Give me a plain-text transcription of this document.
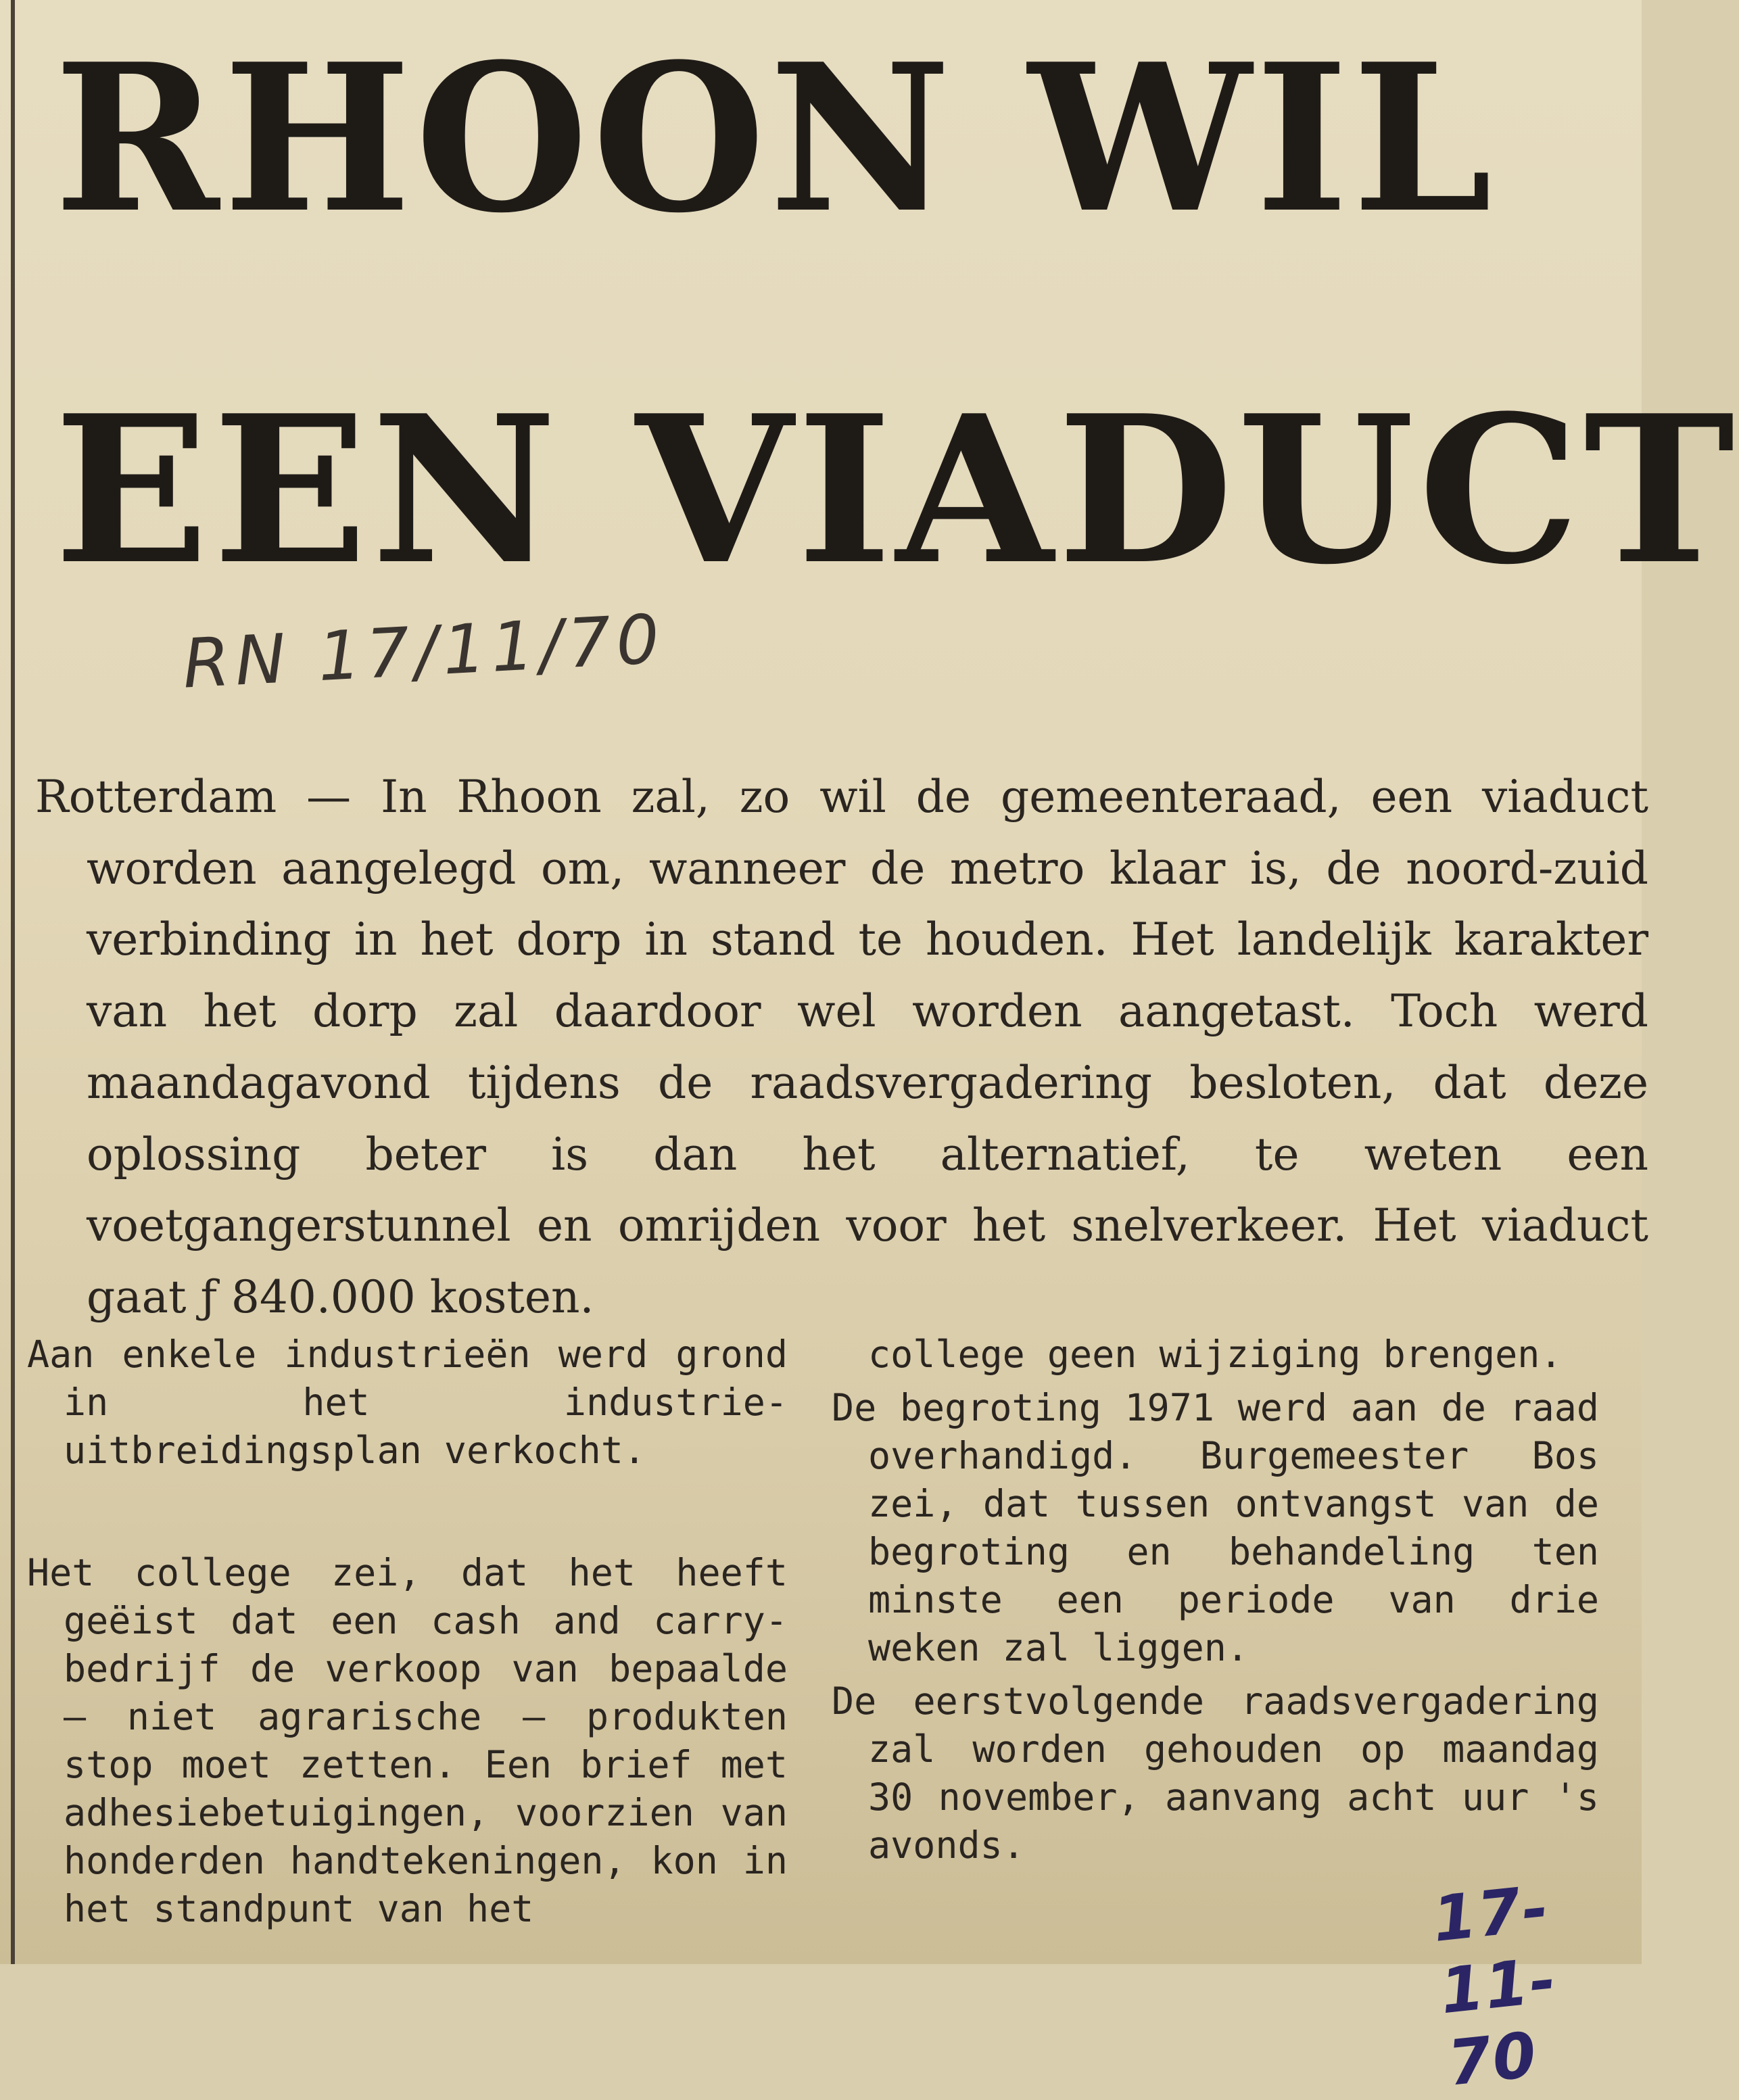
RHOON WIL
EEN VIADUCT
RN 17/11/70

Rotterdam — In Rhoon zal, zo wil de gemeenteraad, een viaduct worden aangelegd om, wanneer de metro klaar is, de noord-zuid verbinding in het dorp in stand te houden. Het landelijk karakter van het dorp zal daardoor wel worden aangetast. Toch werd maandagavond tijdens de raadsvergadering besloten, dat deze oplossing beter is dan het alternatief, te weten een voetgangerstunnel en omrijden voor het snelverkeer. Het viaduct gaat ƒ 840.000 kosten.

Aan enkele industrieën werd grond in het industrie-uitbreidingsplan verkocht.

Het college zei, dat het heeft geëist dat een cash and carry-bedrijf de verkoop van bepaalde — niet agrarische — produkten stop moet zetten. Een brief met adhesiebetuigingen, voorzien van honderden handtekeningen, kon in het standpunt van het

college geen wijziging brengen.

De begroting 1971 werd aan de raad overhandigd. Burgemeester Bos zei, dat tussen ontvangst van de begroting en behandeling ten minste een periode van drie weken zal liggen.

De eerstvolgende raadsvergadering zal worden gehouden op maandag 30 november, aanvang acht uur 's avonds.

17-11-70
